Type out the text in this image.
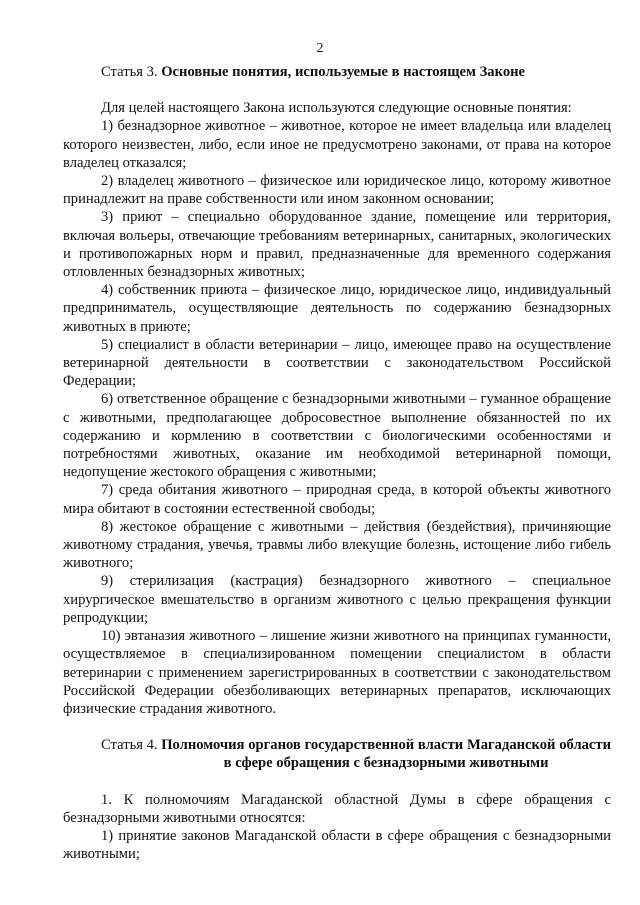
2

Статья 3. Основные понятия, используемые в настоящем Законе

Для целей настоящего Закона используются следующие основные понятия:

1) безнадзорное животное – животное, которое не имеет владельца или владелец которого неизвестен, либо, если иное не предусмотрено законами, от права на которое владелец отказался;

2) владелец животного – физическое или юридическое лицо, которому животное принадлежит на праве собственности или ином законном основании;

3) приют – специально оборудованное здание, помещение или территория, включая вольеры, отвечающие требованиям ветеринарных, санитарных, экологических и противопожарных норм и правил, предназначенные для временного содержания отловленных безнадзорных животных;

4) собственник приюта – физическое лицо, юридическое лицо, индивидуальный предприниматель, осуществляющие деятельность по содержанию безнадзорных животных в приюте;

5) специалист в области ветеринарии – лицо, имеющее право на осуществление ветеринарной деятельности в соответствии с законодательством Российской Федерации;

6) ответственное обращение с безнадзорными животными – гуманное обращение с животными, предполагающее добросовестное выполнение обязанностей по их содержанию и кормлению в соответствии с биологическими особенностями и потребностями животных, оказание им необходимой ветеринарной помощи, недопущение жестокого обращения с животными;

7) среда обитания животного – природная среда, в которой объекты животного мира обитают в состоянии естественной свободы;

8) жестокое обращение с животными – действия (бездействия), причиняющие животному страдания, увечья, травмы либо влекущие болезнь, истощение либо гибель животного;

9) стерилизация (кастрация) безнадзорного животного – специальное хирургическое вмешательство в организм животного с целью прекращения функции репродукции;

10) эвтаназия животного – лишение жизни животного на принципах гуманности, осуществляемое в специализированном помещении специалистом в области ветеринарии с применением зарегистрированных в соответствии с законодательством Российской Федерации обезболивающих ветеринарных препаратов, исключающих физические страдания животного.

Статья 4. Полномочия органов государственной власти Магаданской области в сфере обращения с безнадзорными животными

1. К полномочиям Магаданской областной Думы в сфере обращения с безнадзорными животными относятся:

1) принятие законов Магаданской области в сфере обращения с безнадзорными животными;
